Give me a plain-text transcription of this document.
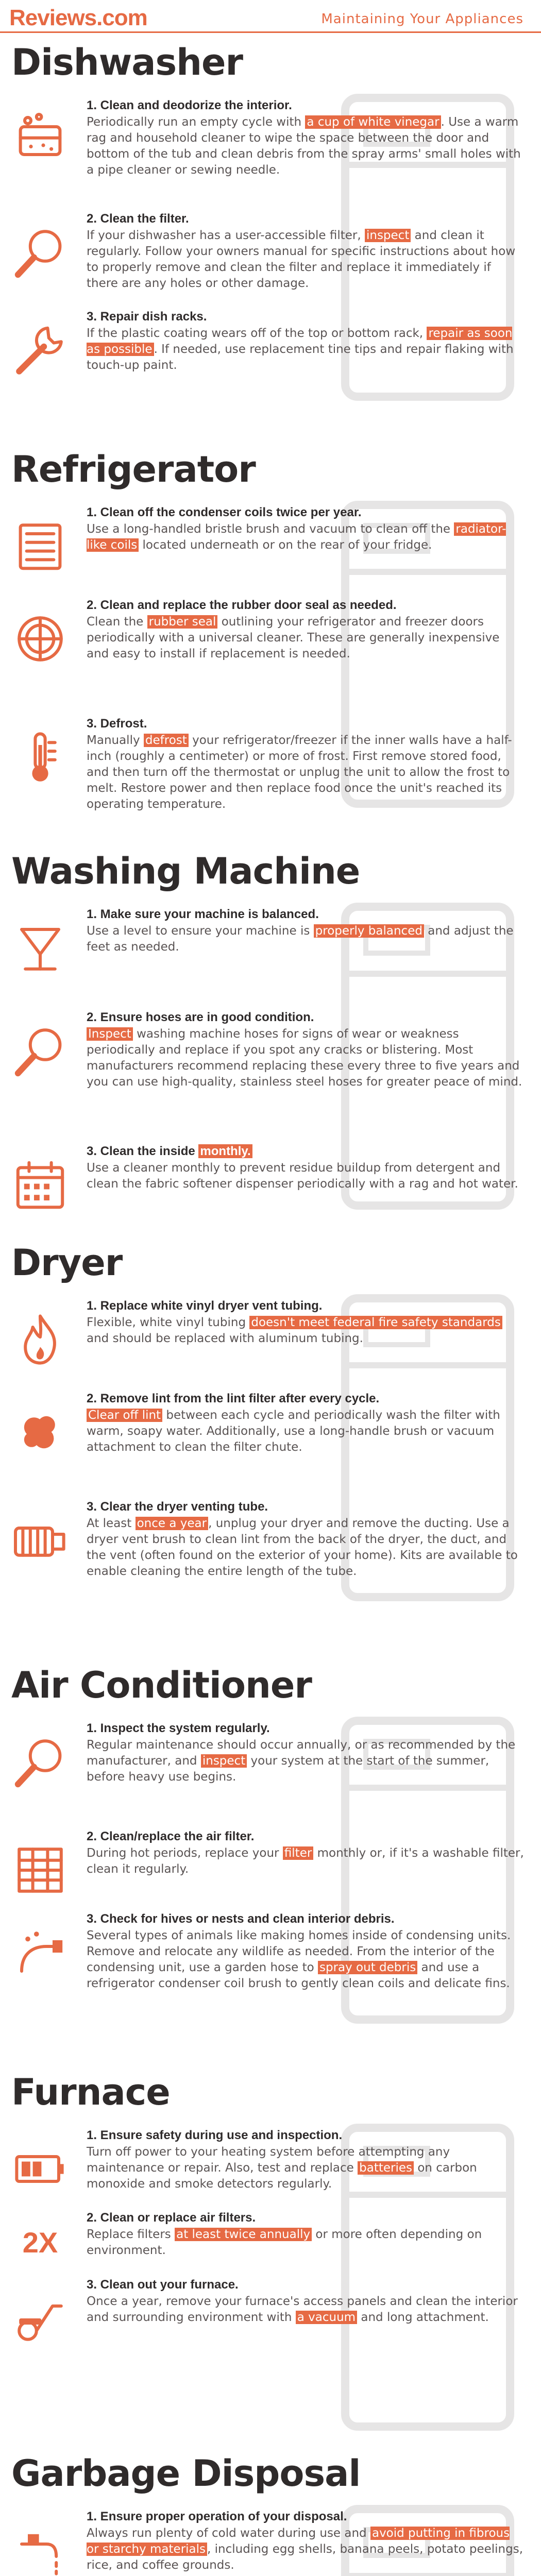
Reviews.com	Maintaining Your Appliances
Dishwasher
1. Clean and deodorize the interior.
Periodically run an empty cycle with a cup of white vinegar . Use a warm rag and household cleaner to wipe the space between the door and bottom of the tub and clean debris from the spray arms' small holes with a pipe cleaner or sewing needle.
2. Clean the filter.
If your dishwasher has a user-accessible filter, inspect and clean it regularly. Follow your owners manual for specific instructions about how to properly remove and clean the filter and replace it immediately if there are any holes or other damage.
3. Repair dish racks.
If the plastic coating wears off of the top or bottom rack, repair as soon as possible . If needed, use replacement tine tips and repair flaking with touch-up paint.
Refrigerator
1. Clean off the condenser coils twice per year.
Use a long-handled bristle brush and vacuum to clean off the radiator-like coils located underneath or on the rear of your fridge.
2. Clean and replace the rubber door seal as needed.
Clean the rubber seal outlining your refrigerator and freezer doors periodically with a universal cleaner. These are generally inexpensive and easy to install if replacement is needed.
3. Defrost.
Manually defrost your refrigerator/freezer if the inner walls have a half-inch (roughly a centimeter) or more of frost. First remove stored food, and then turn off the thermostat or unplug the unit to allow the frost to melt. Restore power and then replace food once the unit's reached its operating temperature.
Washing Machine
1. Make sure your machine is balanced.
Use a level to ensure your machine is properly balanced and adjust the feet as needed.
2. Ensure hoses are in good condition.
Inspect washing machine hoses for signs of wear or weakness periodically and replace if you spot any cracks or blistering. Most manufacturers recommend replacing these every three to five years and you can use high-quality, stainless steel hoses for greater peace of mind.
3. Clean the inside monthly.
Use a cleaner monthly to prevent residue buildup from detergent and clean the fabric softener dispenser periodically with a rag and hot water.
Dryer
1. Replace white vinyl dryer vent tubing.
Flexible, white vinyl tubing doesn't meet federal fire safety standards and should be replaced with aluminum tubing.
2. Remove lint from the lint filter after every cycle.
Clear off lint between each cycle and periodically wash the filter with warm, soapy water. Additionally, use a long-handle brush or vacuum attachment to clean the filter chute.
3. Clear the dryer venting tube.
At least once a year , unplug your dryer and remove the ducting. Use a dryer vent brush to clean lint from the back of the dryer, the duct, and the vent (often found on the exterior of your home). Kits are available to enable cleaning the entire length of the tube.
Air Conditioner
1. Inspect the system regularly.
Regular maintenance should occur annually, or as recommended by the manufacturer, and inspect your system at the start of the summer, before heavy use begins.
2. Clean/replace the air filter.
During hot periods, replace your filter monthly or, if it's a washable filter, clean it regularly.
3. Check for hives or nests and clean interior debris.
Several types of animals like making homes inside of condensing units. Remove and relocate any wildlife as needed. From the interior of the condensing unit, use a garden hose to spray out debris and use a refrigerator condenser coil brush to gently clean coils and delicate fins.
Furnace
1. Ensure safety during use and inspection.
Turn off power to your heating system before attempting any maintenance or repair. Also, test and replace batteries on carbon monoxide and smoke detectors regularly.
2X
2. Clean or replace air filters.
Replace filters at least twice annually or more often depending on environment.
3. Clean out your furnace.
Once a year, remove your furnace's access panels and clean the interior and surrounding environment with a vacuum and long attachment.
Garbage Disposal
1. Ensure proper operation of your disposal.
Always run plenty of cold water during use and avoid putting in fibrous or starchy materials , including egg shells, banana peels, potato peelings, rice, and coffee grounds.
